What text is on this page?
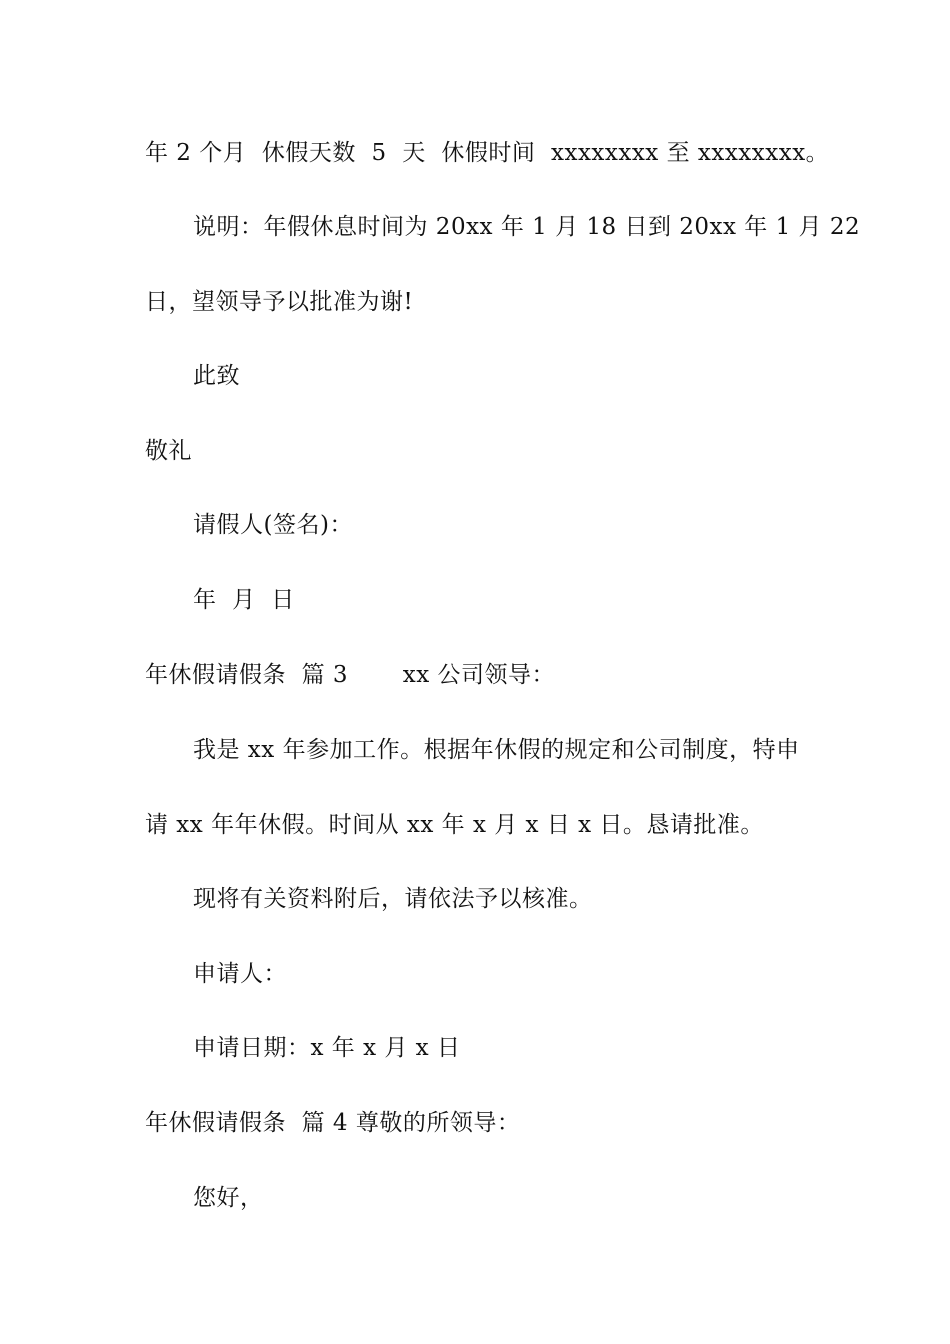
年 2 个月  休假天数  5  天  休假时间  xxxxxxxx 至 xxxxxxxx。
说明：年假休息时间为 20xx 年 1 月 18 日到 20xx 年 1 月 22
日，望领导予以批准为谢!
此致
敬礼
请假人(签名)：
年  月  日
年休假请假条  篇 3       xx 公司领导：
我是 xx 年参加工作。根据年休假的规定和公司制度，特申
请 xx 年年休假。时间从 xx 年 x 月 x 日 x 日。恳请批准。
现将有关资料附后，请依法予以核准。
申请人：
申请日期：x 年 x 月 x 日
年休假请假条  篇 4 尊敬的所领导：
您好，
